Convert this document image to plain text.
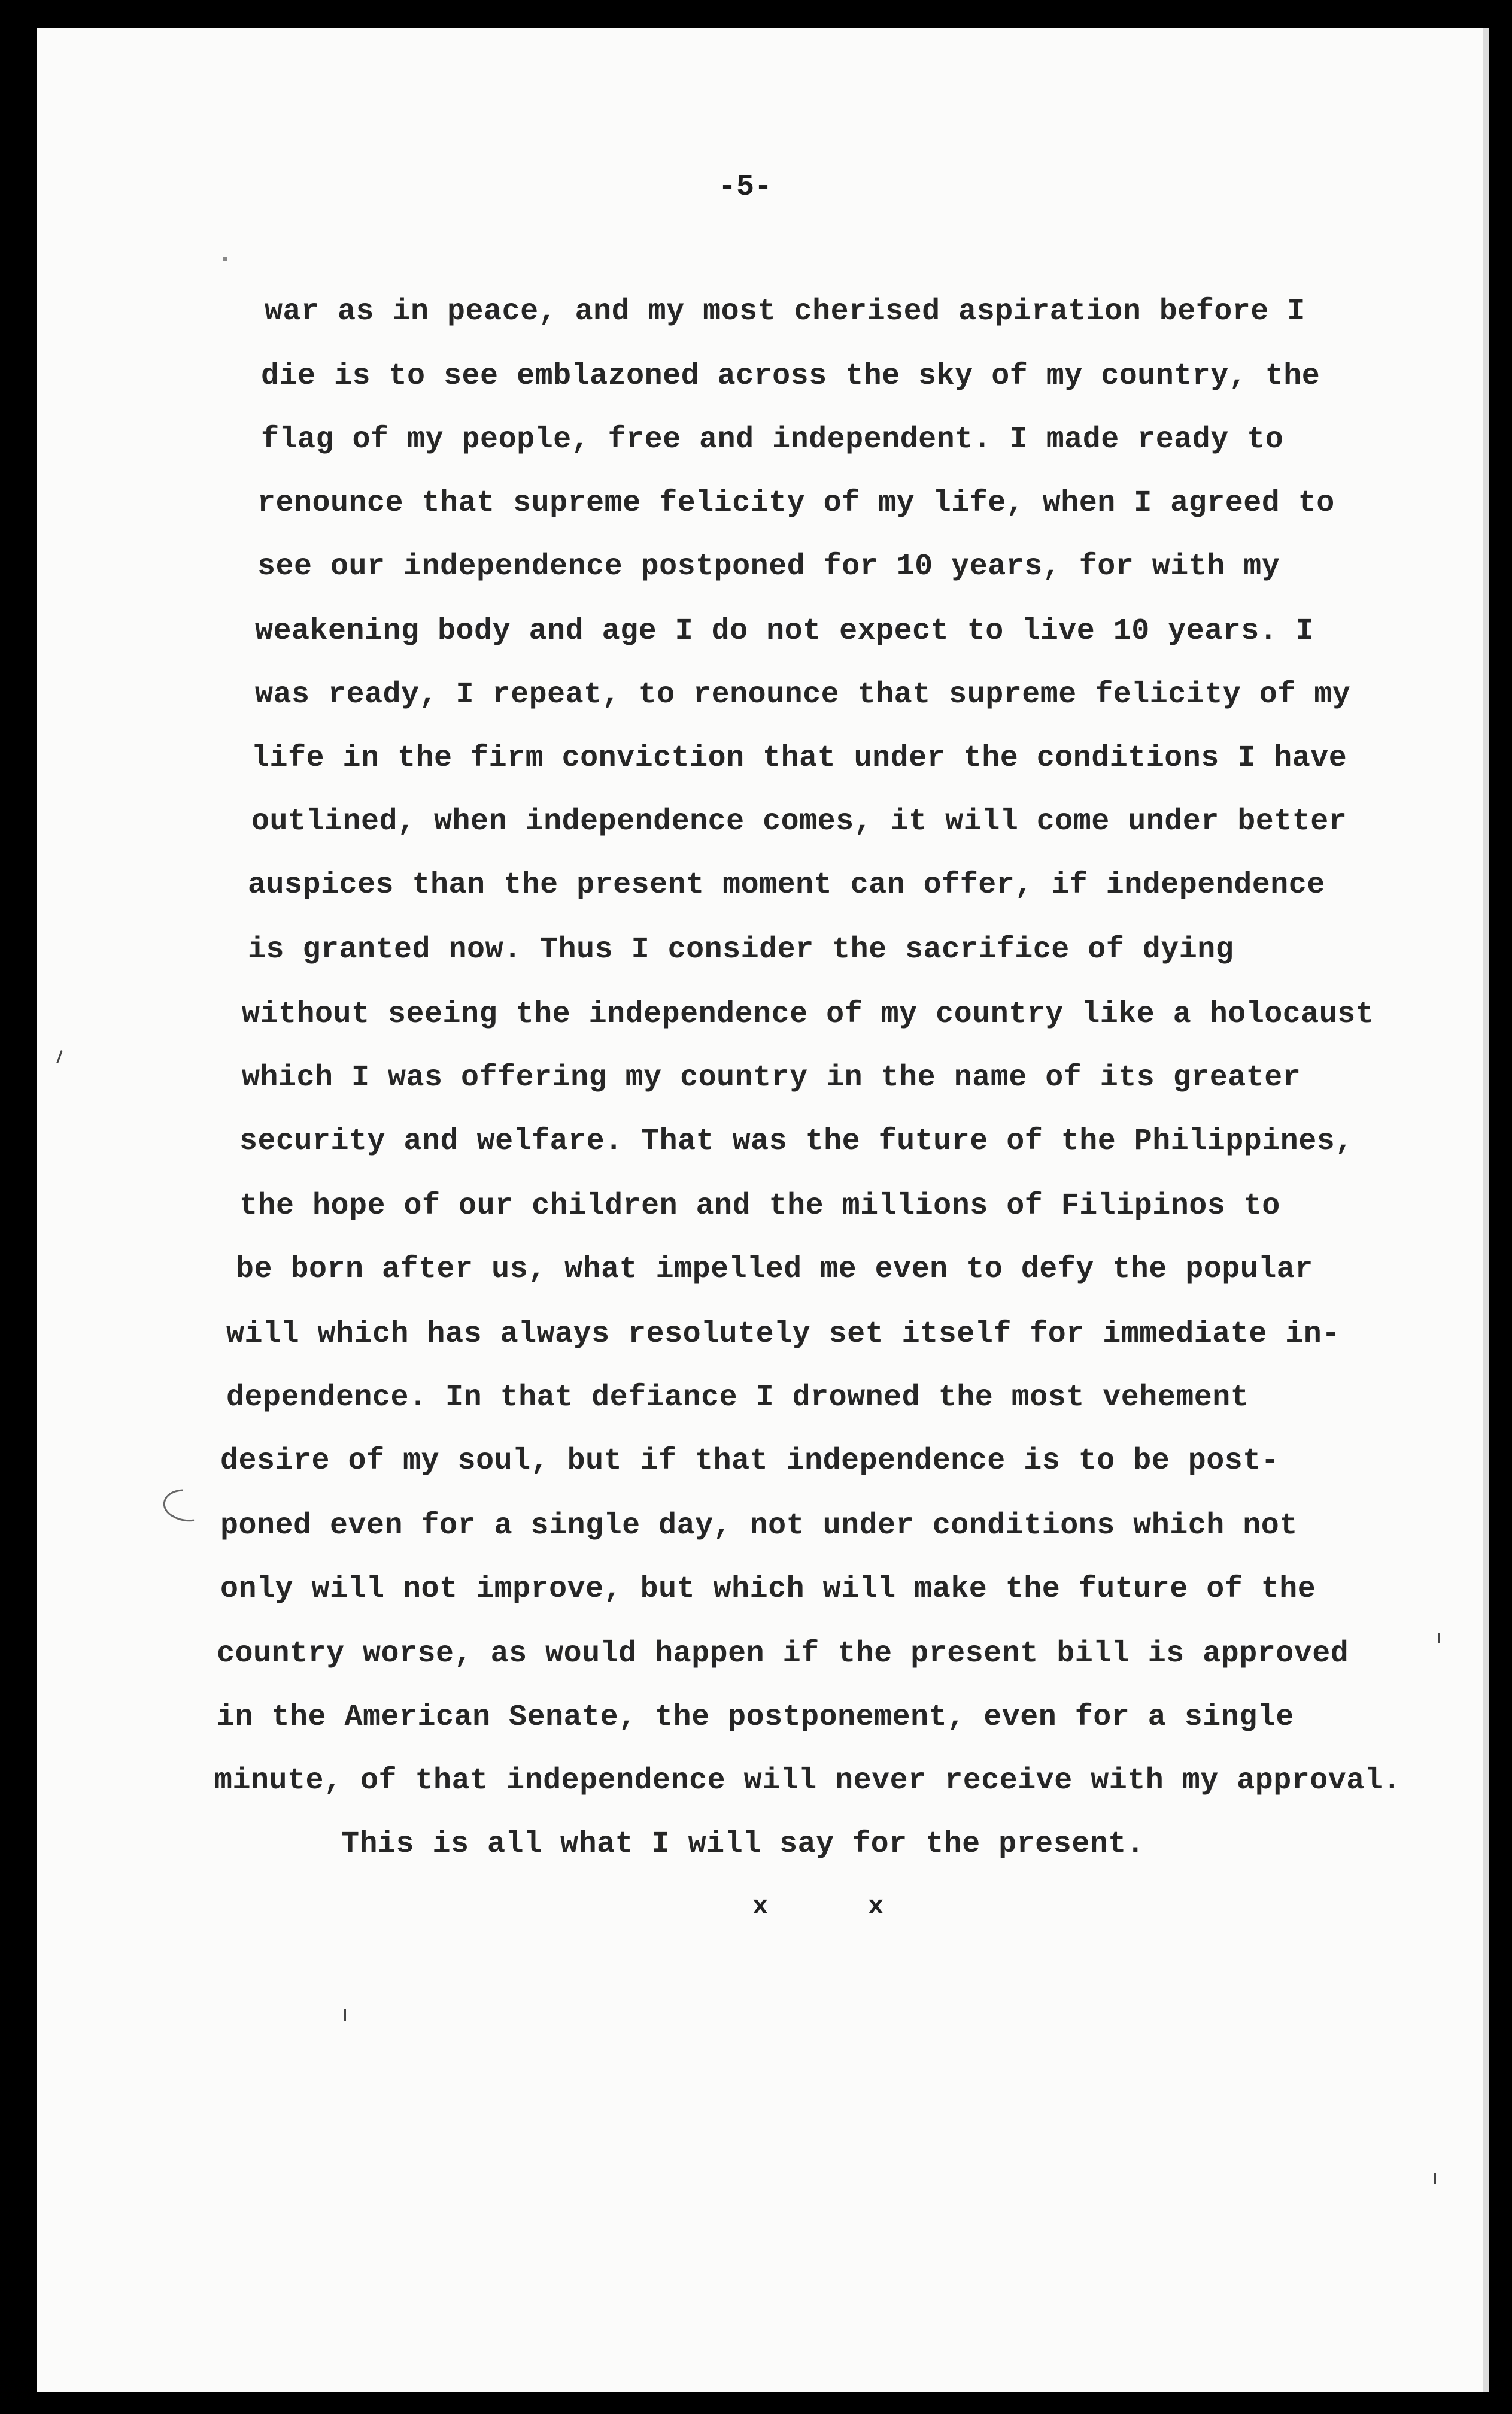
-5-
war as in peace, and my most cherised aspiration before I
die is to see emblazoned across the sky of my country, the
flag of my people, free and independent. I made ready to
renounce that supreme felicity of my life, when I agreed to
see our independence postponed for 10 years, for with my
weakening body and age I do not expect to live 10 years. I
was ready, I repeat, to renounce that supreme felicity of my
life in the firm conviction that under the conditions I have
outlined, when independence comes, it will come under better
auspices than the present moment can offer, if independence
is granted now. Thus I consider the sacrifice of dying
without seeing the independence of my country like a holocaust
which I was offering my country in the name of its greater
security and welfare. That was the future of the Philippines,
the hope of our children and the millions of Filipinos to
be born after us, what impelled me even to defy the popular
will which has always resolutely set itself for immediate in-
dependence. In that defiance I drowned the most vehement
desire of my soul, but if that independence is to be post-
poned even for a single day, not under conditions which not
only will not improve, but which will make the future of the
country worse, as would happen if the present bill is approved
in the American Senate, the postponement, even for a single
minute, of that independence will never receive with my approval.
This is all what I will say for the present.
x	x
